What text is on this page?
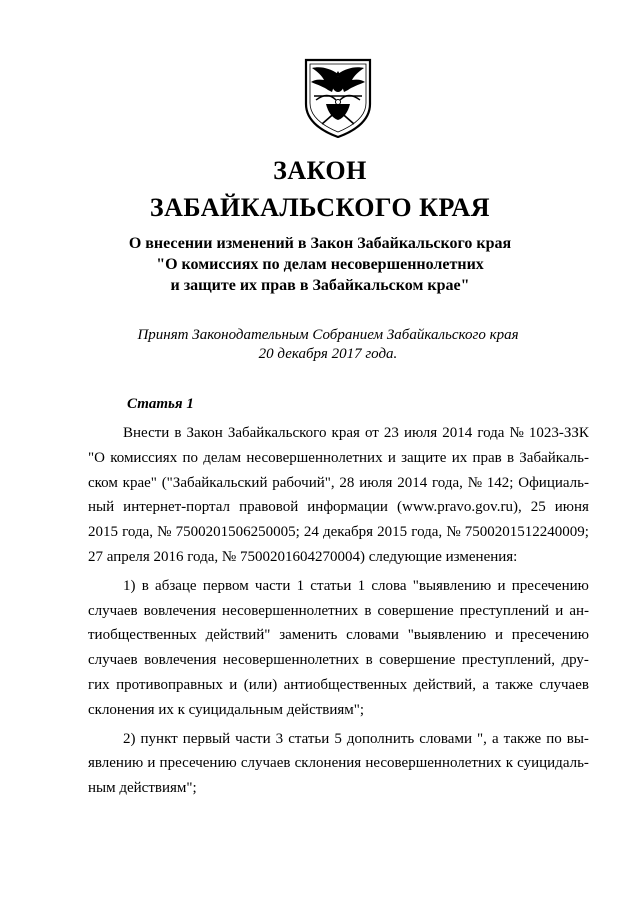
ЗАКОН
ЗАБАЙКАЛЬСКОГО КРАЯ
О внесении изменений в Закон Забайкальского края
"О комиссиях по делам несовершеннолетних
и защите их прав в Забайкальском крае"
Принят Законодательным Собранием Забайкальского края
20 декабря 2017 года.
Статья 1
Внести в Закон Забайкальского края от 23 июля 2014 года № 1023-ЗЗК
"О комиссиях по делам несовершеннолетних и защите их прав в Забайкаль-
ском крае" ("Забайкальский рабочий", 28 июля 2014 года, № 142; Официаль-
ный интернет-портал правовой информации (www.pravo.gov.ru), 25 июня
2015 года, № 7500201506250005; 24 декабря 2015 года, № 7500201512240009;
27 апреля 2016 года, № 7500201604270004) следующие изменения:
1) в абзаце первом части 1 статьи 1 слова "выявлению и пресечению
случаев вовлечения несовершеннолетних в совершение преступлений и ан-
тиобщественных действий" заменить словами "выявлению и пресечению
случаев вовлечения несовершеннолетних в совершение преступлений, дру-
гих противоправных и (или) антиобщественных действий, а также случаев
склонения их к суицидальным действиям";
2) пункт первый части 3 статьи 5 дополнить словами ", а также по вы-
явлению и пресечению случаев склонения несовершеннолетних к суицидаль-
ным действиям";
